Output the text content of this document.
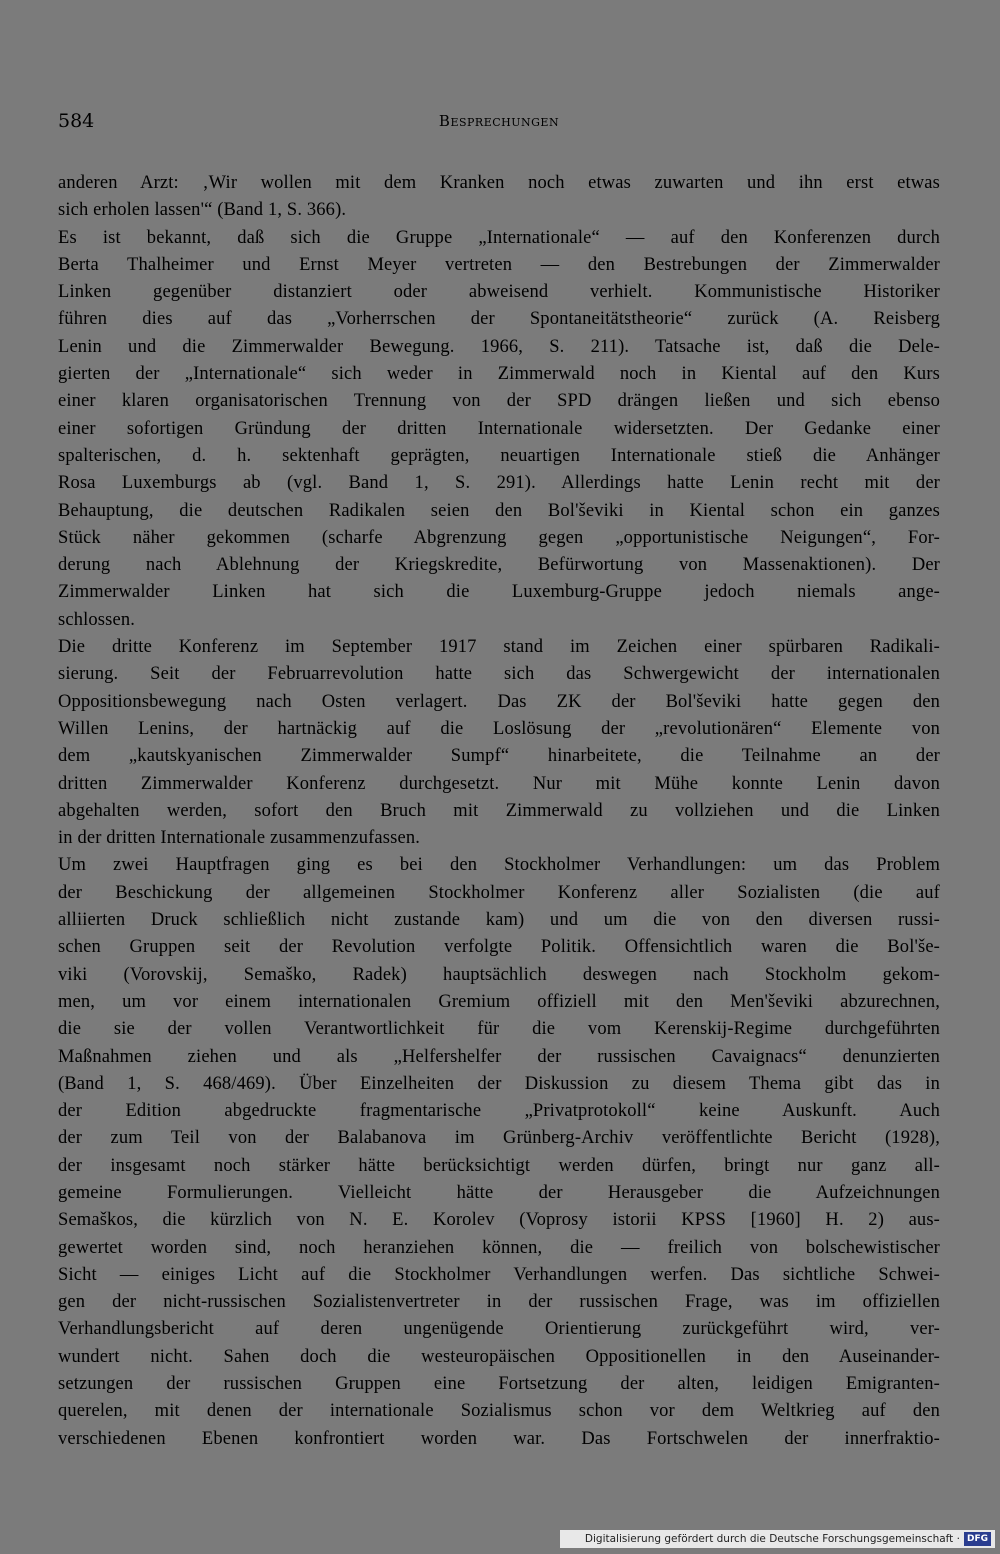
584	Besprechungen
anderen Arzt: ‚Wir wollen mit dem Kranken noch etwas zuwarten und ihn erst etwas
sich erholen lassen'“ (Band 1, S. 366).
Es ist bekannt, daß sich die Gruppe „Internationale“ — auf den Konferenzen durch
Berta Thalheimer und Ernst Meyer vertreten — den Bestrebungen der Zimmerwalder
Linken gegenüber distanziert oder abweisend verhielt. Kommunistische Historiker
führen dies auf das „Vorherrschen der Spontaneitätstheorie“ zurück (A. Reisberg
Lenin und die Zimmerwalder Bewegung. 1966, S. 211). Tatsache ist, daß die Dele-
gierten der „Internationale“ sich weder in Zimmerwald noch in Kiental auf den Kurs
einer klaren organisatorischen Trennung von der SPD drängen ließen und sich ebenso
einer sofortigen Gründung der dritten Internationale widersetzten. Der Gedanke einer
spalterischen, d. h. sektenhaft geprägten, neuartigen Internationale stieß die Anhänger
Rosa Luxemburgs ab (vgl. Band 1, S. 291). Allerdings hatte Lenin recht mit der
Behauptung, die deutschen Radikalen seien den Bol'ševiki in Kiental schon ein ganzes
Stück näher gekommen (scharfe Abgrenzung gegen „opportunistische Neigungen“, For-
derung nach Ablehnung der Kriegskredite, Befürwortung von Massenaktionen). Der
Zimmerwalder Linken hat sich die Luxemburg-Gruppe jedoch niemals ange-
schlossen.
Die dritte Konferenz im September 1917 stand im Zeichen einer spürbaren Radikali-
sierung. Seit der Februarrevolution hatte sich das Schwergewicht der internationalen
Oppositionsbewegung nach Osten verlagert. Das ZK der Bol'ševiki hatte gegen den
Willen Lenins, der hartnäckig auf die Loslösung der „revolutionären“ Elemente von
dem „kautskyanischen Zimmerwalder Sumpf“ hinarbeitete, die Teilnahme an der
dritten Zimmerwalder Konferenz durchgesetzt. Nur mit Mühe konnte Lenin davon
abgehalten werden, sofort den Bruch mit Zimmerwald zu vollziehen und die Linken
in der dritten Internationale zusammenzufassen.
Um zwei Hauptfragen ging es bei den Stockholmer Verhandlungen: um das Problem
der Beschickung der allgemeinen Stockholmer Konferenz aller Sozialisten (die auf
alliierten Druck schließlich nicht zustande kam) und um die von den diversen russi-
schen Gruppen seit der Revolution verfolgte Politik. Offensichtlich waren die Bol'še-
viki (Vorovskij, Semaško, Radek) hauptsächlich deswegen nach Stockholm gekom-
men, um vor einem internationalen Gremium offiziell mit den Men'ševiki abzurechnen,
die sie der vollen Verantwortlichkeit für die vom Kerenskij-Regime durchgeführten
Maßnahmen ziehen und als „Helfershelfer der russischen Cavaignacs“ denunzierten
(Band 1, S. 468/469). Über Einzelheiten der Diskussion zu diesem Thema gibt das in
der Edition abgedruckte fragmentarische „Privatprotokoll“ keine Auskunft. Auch
der zum Teil von der Balabanova im Grünberg-Archiv veröffentlichte Bericht (1928),
der insgesamt noch stärker hätte berücksichtigt werden dürfen, bringt nur ganz all-
gemeine Formulierungen. Vielleicht hätte der Herausgeber die Aufzeichnungen
Semaškos, die kürzlich von N. E. Korolev (Voprosy istorii KPSS [1960] H. 2) aus-
gewertet worden sind, noch heranziehen können, die — freilich von bolschewistischer
Sicht — einiges Licht auf die Stockholmer Verhandlungen werfen. Das sichtliche Schwei-
gen der nicht-russischen Sozialistenvertreter in der russischen Frage, was im offiziellen
Verhandlungsbericht auf deren ungenügende Orientierung zurückgeführt wird, ver-
wundert nicht. Sahen doch die westeuropäischen Oppositionellen in den Auseinander-
setzungen der russischen Gruppen eine Fortsetzung der alten, leidigen Emigranten-
querelen, mit denen der internationale Sozialismus schon vor dem Weltkrieg auf den
verschiedenen Ebenen konfrontiert worden war. Das Fortschwelen der innerfraktio-
Digitalisierung gefördert durch die Deutsche Forschungsgemeinschaft · DFG
